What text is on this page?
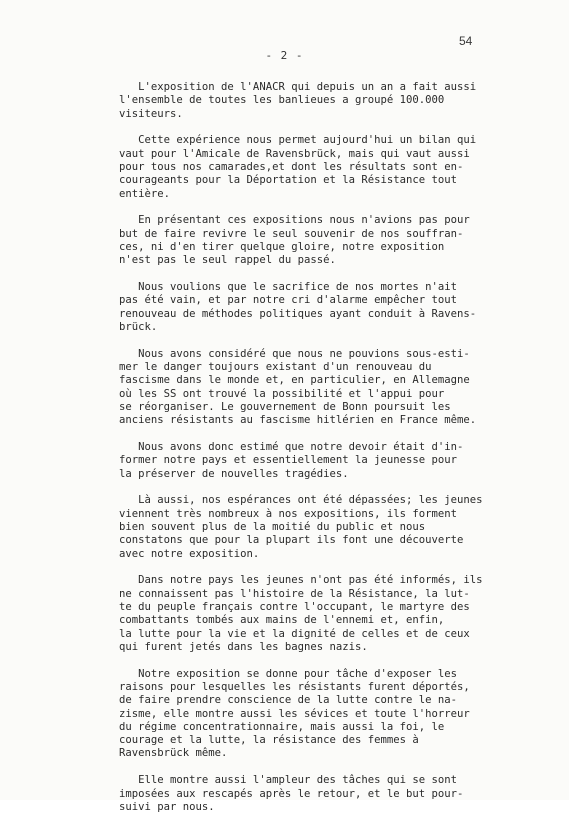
54
- 2 -

L'exposition de l'ANACR qui depuis un an a fait aussi
l'ensemble de toutes les banlieues a groupé 100.000
visiteurs.

Cette expérience nous permet aujourd'hui un bilan qui
vaut pour l'Amicale de Ravensbrück, mais qui vaut aussi
pour tous nos camarades,et dont les résultats sont en-
courageants pour la Déportation et la Résistance tout
entière.

En présentant ces expositions nous n'avions pas pour
but de faire revivre le seul souvenir de nos souffran-
ces, ni d'en tirer quelque gloire, notre exposition
n'est pas le seul rappel du passé.

Nous voulions que le sacrifice de nos mortes n'ait
pas été vain, et par notre cri d'alarme empêcher tout
renouveau de méthodes politiques ayant conduit à Ravens-
brück.

Nous avons considéré que nous ne pouvions sous-esti-
mer le danger toujours existant d'un renouveau du
fascisme dans le monde et, en particulier, en Allemagne
où les SS ont trouvé la possibilité et l'appui pour
se réorganiser. Le gouvernement de Bonn poursuit les
anciens résistants au fascisme hitlérien en France même.

Nous avons donc estimé que notre devoir était d'in-
former notre pays et essentiellement la jeunesse pour
la préserver de nouvelles tragédies.

Là aussi, nos espérances ont été dépassées; les jeunes
viennent très nombreux à nos expositions, ils forment
bien souvent plus de la moitié du public et nous
constatons que pour la plupart ils font une découverte
avec notre exposition.

Dans notre pays les jeunes n'ont pas été informés, ils
ne connaissent pas l'histoire de la Résistance, la lut-
te du peuple français contre l'occupant, le martyre des
combattants tombés aux mains de l'ennemi et, enfin,
la lutte pour la vie et la dignité de celles et de ceux
qui furent jetés dans les bagnes nazis.

Notre exposition se donne pour tâche d'exposer les
raisons pour lesquelles les résistants furent déportés,
de faire prendre conscience de la lutte contre le na-
zisme, elle montre aussi les sévices et toute l'horreur
du régime concentrationnaire, mais aussi la foi, le
courage et la lutte, la résistance des femmes à
Ravensbrück même.

Elle montre aussi l'ampleur des tâches qui se sont
imposées aux rescapés après le retour, et le but pour-
suivi par nous.
